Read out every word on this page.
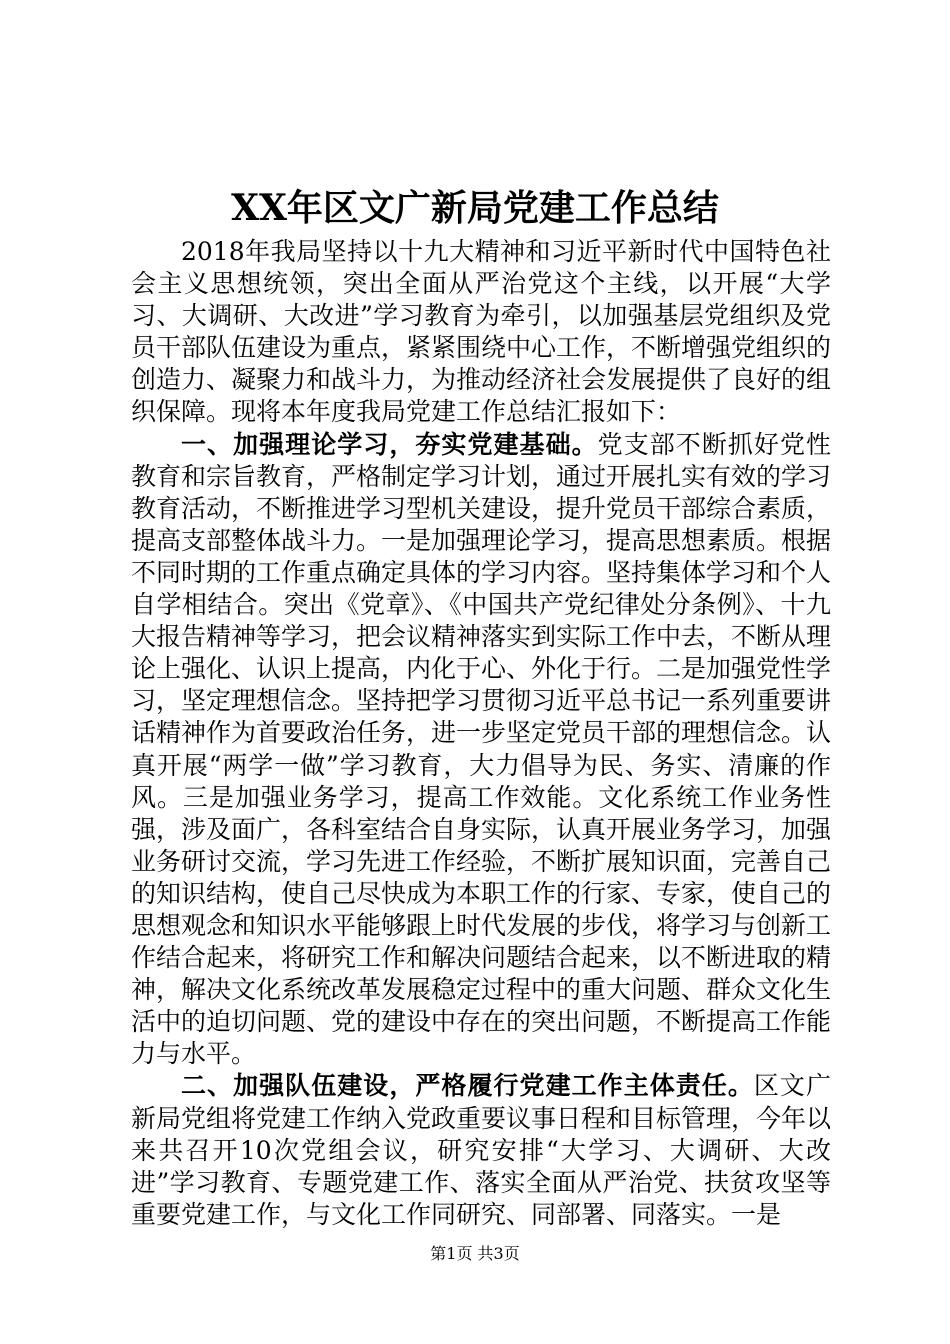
XX年区文广新局党建工作总结

2018年我局坚持以十九大精神和习近平新时代中国特色社会主义思想统领，突出全面从严治党这个主线，以开展“大学习、大调研、大改进”学习教育为牵引，以加强基层党组织及党员干部队伍建设为重点，紧紧围绕中心工作，不断增强党组织的创造力、凝聚力和战斗力，为推动经济社会发展提供了良好的组织保障。现将本年度我局党建工作总结汇报如下：

一、加强理论学习，夯实党建基础。党支部不断抓好党性教育和宗旨教育，严格制定学习计划，通过开展扎实有效的学习教育活动，不断推进学习型机关建设，提升党员干部综合素质，提高支部整体战斗力。一是加强理论学习，提高思想素质。根据不同时期的工作重点确定具体的学习内容。坚持集体学习和个人自学相结合。突出《党章》、《中国共产党纪律处分条例》、十九大报告精神等学习，把会议精神落实到实际工作中去，不断从理论上强化、认识上提高，内化于心、外化于行。二是加强党性学习，坚定理想信念。坚持把学习贯彻习近平总书记一系列重要讲话精神作为首要政治任务，进一步坚定党员干部的理想信念。认真开展“两学一做”学习教育，大力倡导为民、务实、清廉的作风。三是加强业务学习，提高工作效能。文化系统工作业务性强，涉及面广，各科室结合自身实际，认真开展业务学习，加强业务研讨交流，学习先进工作经验，不断扩展知识面，完善自己的知识结构，使自己尽快成为本职工作的行家、专家，使自己的思想观念和知识水平能够跟上时代发展的步伐，将学习与创新工作结合起来，将研究工作和解决问题结合起来，以不断进取的精神，解决文化系统改革发展稳定过程中的重大问题、群众文化生活中的迫切问题、党的建设中存在的突出问题，不断提高工作能力与水平。

二、加强队伍建设，严格履行党建工作主体责任。区文广新局党组将党建工作纳入党政重要议事日程和目标管理，今年以来共召开10次党组会议，研究安排“大学习、大调研、大改进”学习教育、专题党建工作、落实全面从严治党、扶贫攻坚等重要党建工作，与文化工作同研究、同部署、同落实。一是

第1页 共3页
